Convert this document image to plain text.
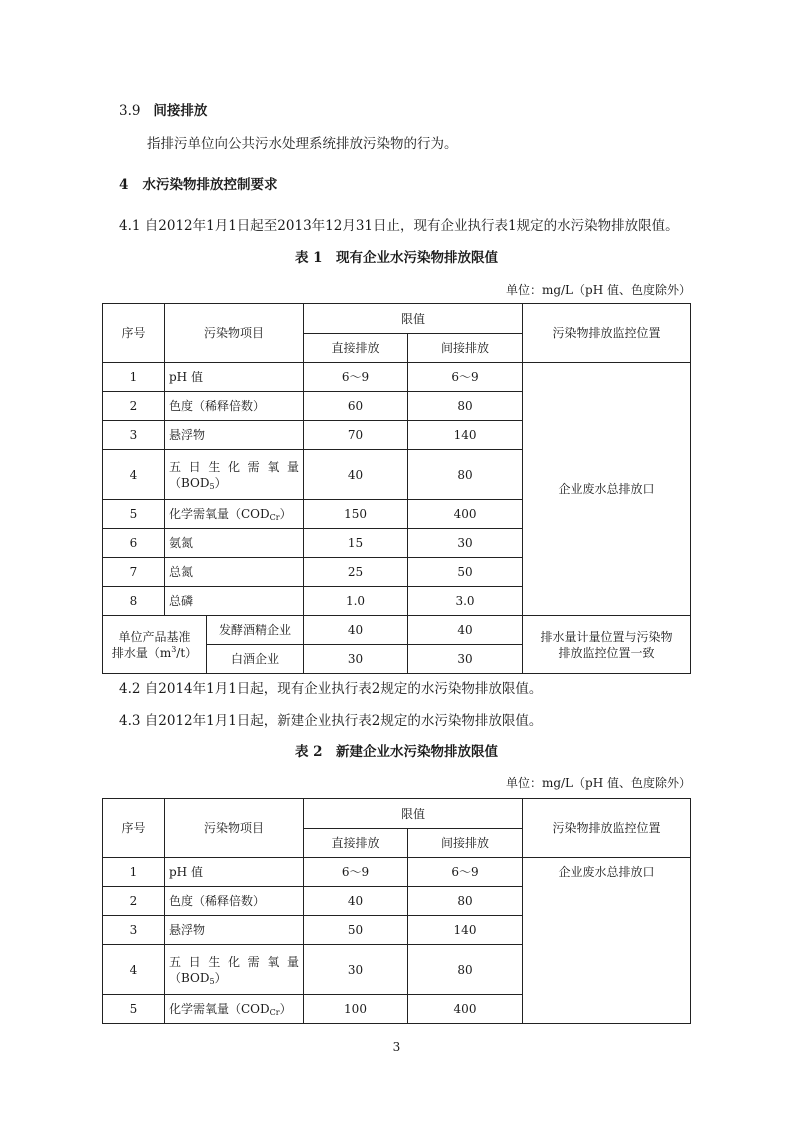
3.9 间接排放
指排污单位向公共污水处理系统排放污染物的行为。
4 水污染物排放控制要求
4.1 自2012年1月1日起至2013年12月31日止，现有企业执行表1规定的水污染物排放限值。
表 1　现有企业水污染物排放限值
单位：mg/L（pH 值、色度除外）
序号	污染物项目		限值		污染物排放监控位置
			直接排放	间接排放	
1	pH 值		6～9	6～9	企业废水总排放口
2	色度（稀释倍数）		60	80	
3	悬浮物		70	140	
4	五日生化需氧量
$(BOD_5)$		40	80	
5	化学需氧量$(COD_{Cr})$		150	400	
6	氨氮		15	30	
7	总氮		25	50	
8	总磷		1.0	3.0	

单位产品基准
排水量$(m^3/t)$		发酵酒精企业	40	40	排水量计量位置与污染物
排放监控位置一致

		白酒企业	30	30	
4.2 自2014年1月1日起，现有企业执行表2规定的水污染物排放限值。
4.3 自2012年1月1日起，新建企业执行表2规定的水污染物排放限值。
表 2　新建企业水污染物排放限值
单位：mg/L（pH 值、色度除外）
序号	污染物项目	限值		污染物排放监控位置
		直接排放	间接排放	
1	pH 值	6～9	6～9	企业废水总排放口
2	色度（稀释倍数）	40	80	
3	悬浮物	50	140	
4	五日生化需氧量
$(BOD_5)$	30	80	
5	化学需氧量$(COD_{Cr})$	100	400	
3
